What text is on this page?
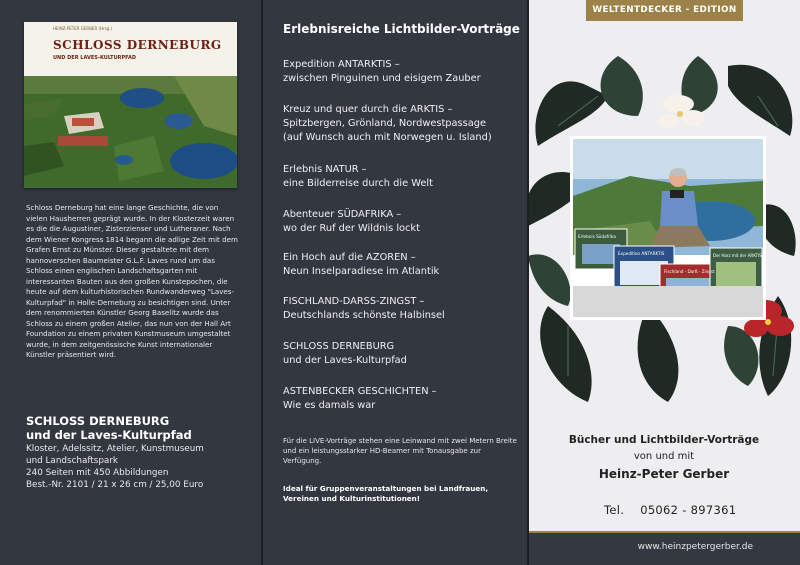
HEINZ-PETER GERBER (Hrsg.)
SCHLOSS DERNEBURG
UND DER LAVES-KULTURPFAD
Schloss Derneburg hat eine lange Geschichte, die von vielen Hausherren geprägt wurde. In der Klosterzeit waren es die die Augustiner, Zisterzienser und Lutheraner. Nach dem Wiener Kongress 1814 begann die adlige Zeit mit dem Grafen Ernst zu Münster. Dieser gestaltete mit dem hannoverschen Baumeister G.L.F. Laves rund um das Schloss einen englischen Landschaftsgarten mit interessanten Bauten aus den großen Kunstepochen, die heute auf dem kulturhistorischen Rundwanderweg "Laves-Kulturpfad" in Holle-Derneburg zu besichtigen sind. Unter dem renommierten Künstler Georg Baselitz wurde das Schloss zu einem großen Atelier, das nun von der Hall Art Foundation zu einem privaten Kunstmuseum umgestaltet wurde, in dem zeitgenössische Kunst internationaler Künstler präsentiert wird.
SCHLOSS DERNEBURG
und der Laves-Kulturpfad
Kloster, Adelssitz, Atelier, Kunstmuseum
und Landschaftspark
240 Seiten mit 450 Abbildungen
Best.-Nr. 2101 / 21 x 26 cm / 25,00 Euro
Erlebnisreiche Lichtbilder-Vorträge
Expedition ANTARKTIS –
zwischen Pinguinen und eisigem Zauber
Kreuz und quer durch die ARKTIS –
Spitzbergen, Grönland, Nordwestpassage
(auf Wunsch auch mit Norwegen u. Island)
Erlebnis NATUR –
eine Bilderreise durch die Welt
Abenteuer SÜDAFRIKA –
wo der Ruf der Wildnis lockt
Ein Hoch auf die AZOREN –
Neun Inselparadiese im Atlantik
FISCHLAND-DARSS-ZINGST –
Deutschlands schönste Halbinsel
SCHLOSS DERNEBURG
und der Laves-Kulturpfad
ASTENBECKER GESCHICHTEN –
Wie es damals war
Für die LIVE-Vorträge stehen eine Leinwand mit zwei Metern Breite und ein leistungsstarker HD-Beamer mit Tonausgabe zur Verfügung.
Ideal für Gruppenveranstaltungen bei Landfrauen, Vereinen und Kulturinstitutionen!
WELTENTDECKER - EDITION
Erlebnis Südafrika
Expedition ANTARKTIS
Fischland · Darß · Zingst
Der Harz mit der ARKTIS
Bücher und Lichtbilder-Vorträge
von und mit
Heinz-Peter Gerber
Tel. 05062 - 897361
www.heinzpetergerber.de
